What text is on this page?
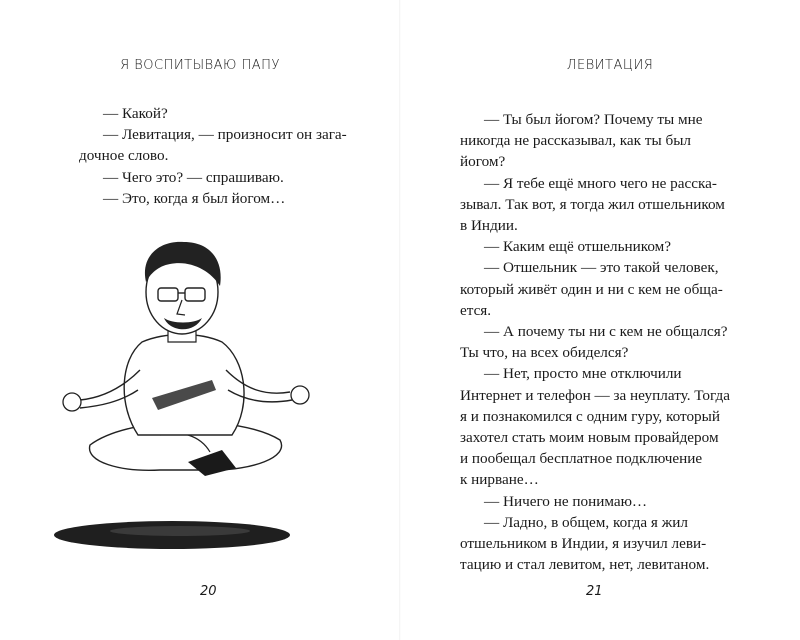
Я ВОСПИТЫВАЮ ПАПУ
— Какой?
— Левитация, — произносит он зага-
дочное слово.
— Чего это? — спрашиваю.
— Это, когда я был йогом…
20
ЛЕВИТАЦИЯ
— Ты был йогом? Почему ты мне
никогда не рассказывал, как ты был
йогом?
— Я тебе ещё много чего не расска-
зывал. Так вот, я тогда жил отшельником
в Индии.
— Каким ещё отшельником?
— Отшельник — это такой человек,
который живёт один и ни с кем не обща-
ется.
— А почему ты ни с кем не общался?
Ты что, на всех обиделся?
— Нет, просто мне отключили
Интернет и телефон — за неуплату. Тогда
я и познакомился с одним гуру, который
захотел стать моим новым провайдером
и пообещал бесплатное подключение
к нирване…
— Ничего не понимаю…
— Ладно, в общем, когда я жил
отшельником в Индии, я изучил леви-
тацию и стал левитом, нет, левитаном.
21
